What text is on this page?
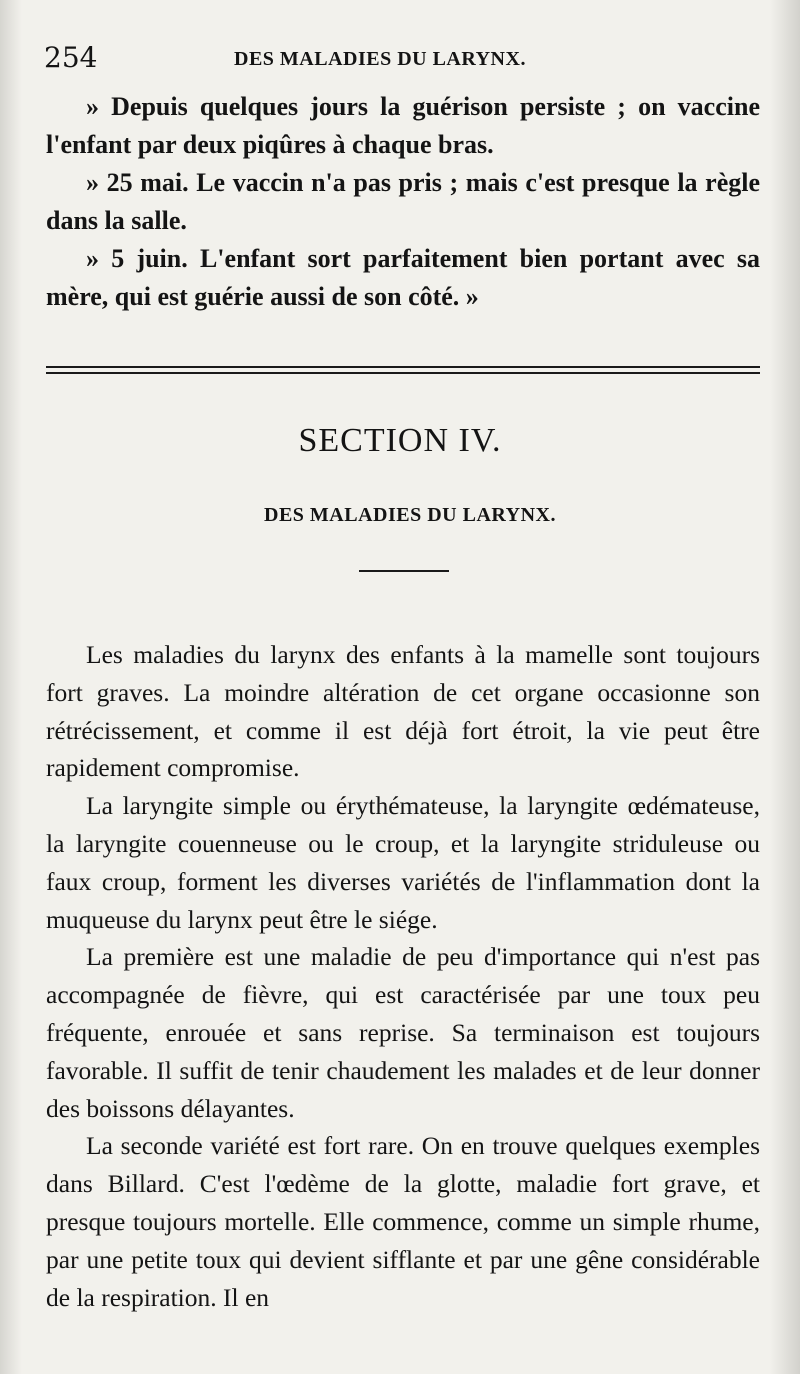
254	DES MALADIES DU LARYNX.

» Depuis quelques jours la guérison persiste ; on vaccine l'enfant par deux piqûres à chaque bras.

» 25 mai. Le vaccin n'a pas pris ; mais c'est presque la règle dans la salle.

» 5 juin. L'enfant sort parfaitement bien portant avec sa mère, qui est guérie aussi de son côté. »

SECTION IV.
DES MALADIES DU LARYNX.

Les maladies du larynx des enfants à la mamelle sont toujours fort graves. La moindre altération de cet organe occasionne son rétrécissement, et comme il est déjà fort étroit, la vie peut être rapidement compromise.

La laryngite simple ou érythémateuse, la laryngite œdémateuse, la laryngite couenneuse ou le croup, et la laryngite striduleuse ou faux croup, forment les diverses variétés de l'inflammation dont la muqueuse du larynx peut être le siége.

La première est une maladie de peu d'importance qui n'est pas accompagnée de fièvre, qui est caractérisée par une toux peu fréquente, enrouée et sans reprise. Sa terminaison est toujours favorable. Il suffit de tenir chaudement les malades et de leur donner des boissons délayantes.

La seconde variété est fort rare. On en trouve quelques exemples dans Billard. C'est l'œdème de la glotte, maladie fort grave, et presque toujours mortelle. Elle commence, comme un simple rhume, par une petite toux qui devient sifflante et par une gêne considérable de la respiration. Il en
